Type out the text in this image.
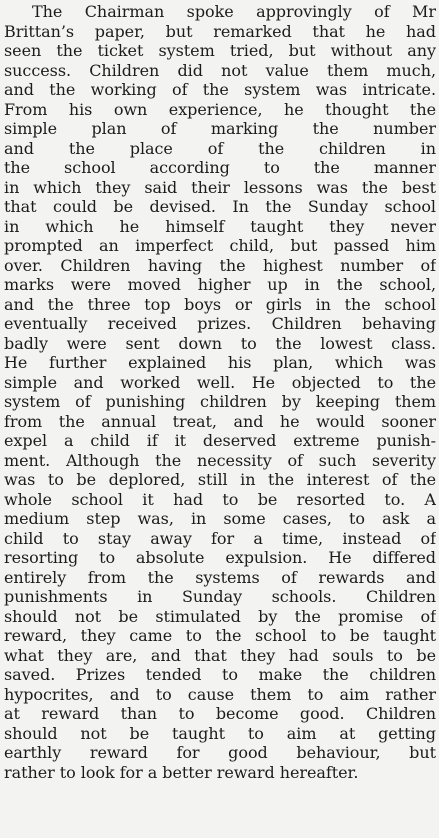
The Chairman spoke approvingly of Mr
Brittan’s paper, but remarked that he had
seen the ticket system tried, but without any
success. Children did not value them much,
and the working of the system was intricate.
From his own experience, he thought the
simple plan of marking the number
and the place of the children in
the school according to the manner
in which they said their lessons was the best
that could be devised. In the Sunday school
in which he himself taught they never
prompted an imperfect child, but passed him
over. Children having the highest number of
marks were moved higher up in the school,
and the three top boys or girls in the school
eventually received prizes. Children behaving
badly were sent down to the lowest class.
He further explained his plan, which was
simple and worked well. He objected to the
system of punishing children by keeping them
from the annual treat, and he would sooner
expel a child if it deserved extreme punish-
ment. Although the necessity of such severity
was to be deplored, still in the interest of the
whole school it had to be resorted to. A
medium step was, in some cases, to ask a
child to stay away for a time, instead of
resorting to absolute expulsion. He differed
entirely from the systems of rewards and
punishments in Sunday schools. Children
should not be stimulated by the promise of
reward, they came to the school to be taught
what they are, and that they had souls to be
saved. Prizes tended to make the children
hypocrites, and to cause them to aim rather
at reward than to become good. Children
should not be taught to aim at getting
earthly reward for good behaviour, but
rather to look for a better reward hereafter.
